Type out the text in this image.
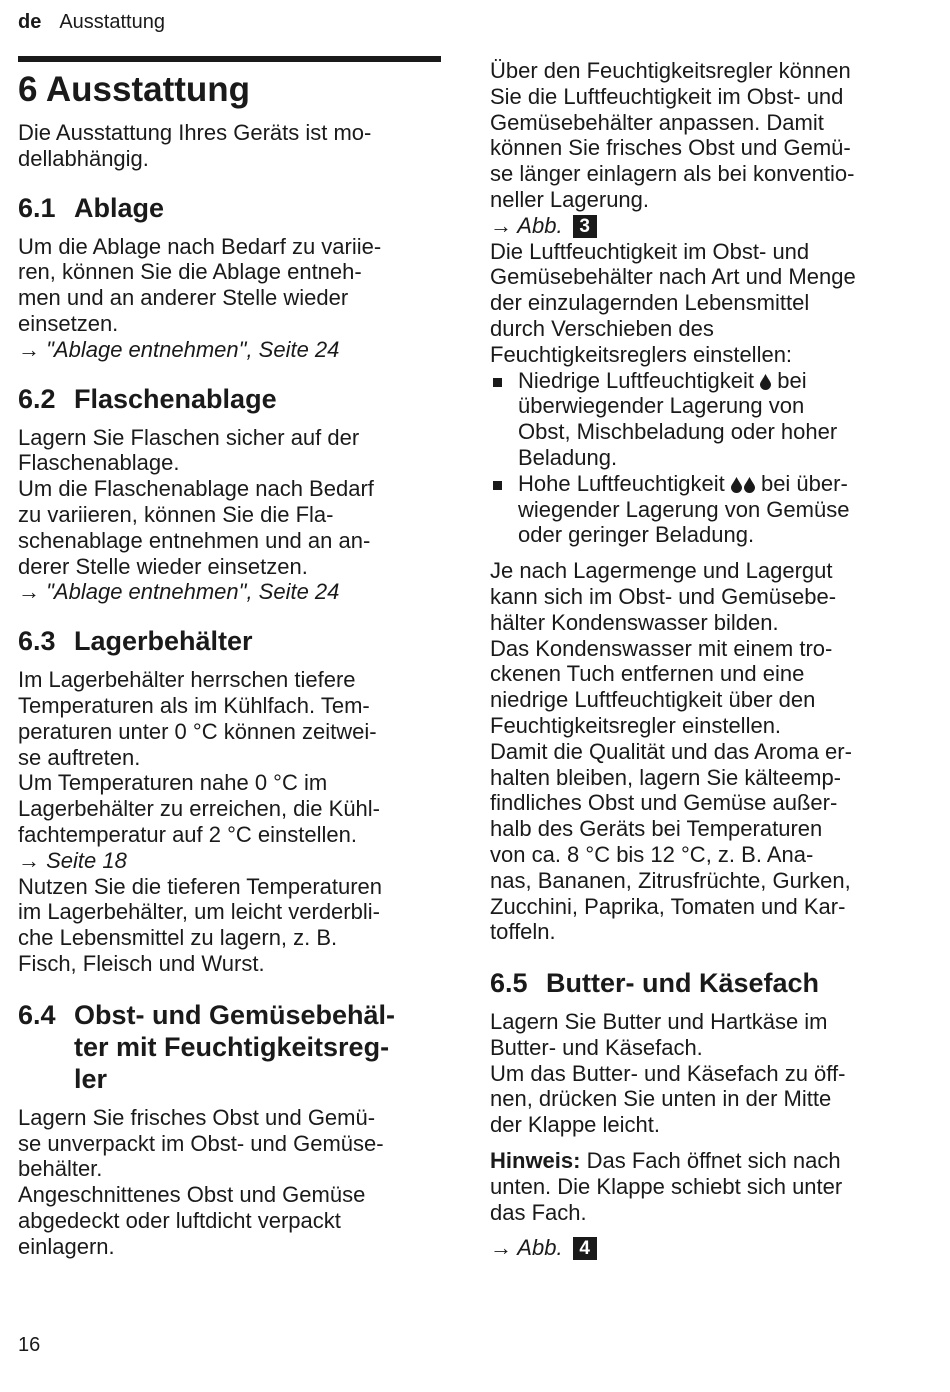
de Ausstattung
6 Ausstattung

Die Ausstattung Ihres Geräts ist mo-
dellabhängig.

6.1 Ablage

Um die Ablage nach Bedarf zu variie-
ren, können Sie die Ablage entneh-
men und an anderer Stelle wieder
einsetzen.
→ "Ablage entnehmen", Seite 24

6.2 Flaschenablage

Lagern Sie Flaschen sicher auf der
Flaschenablage.
Um die Flaschenablage nach Bedarf
zu variieren, können Sie die Fla-
schenablage entnehmen und an an-
derer Stelle wieder einsetzen.
→ "Ablage entnehmen", Seite 24

6.3 Lagerbehälter

Im Lagerbehälter herrschen tiefere
Temperaturen als im Kühlfach. Tem-
peraturen unter 0 °C können zeitwei-
se auftreten.
Um Temperaturen nahe 0 °C im
Lagerbehälter zu erreichen, die Kühl-
fachtemperatur auf 2 °C einstellen.
→ Seite 18
Nutzen Sie die tieferen Temperaturen
im Lagerbehälter, um leicht verderbli-
che Lebensmittel zu lagern, z. B.
Fisch, Fleisch und Wurst.

6.4 Obst- und Gemüsebehäl-
ter mit Feuchtigkeitsreg-
ler

Lagern Sie frisches Obst und Gemü-
se unverpackt im Obst- und Gemüse-
behälter.
Angeschnittenes Obst und Gemüse
abgedeckt oder luftdicht verpackt
einlagern.

Über den Feuchtigkeitsregler können
Sie die Luftfeuchtigkeit im Obst- und
Gemüsebehälter anpassen. Damit
können Sie frisches Obst und Gemü-
se länger einlagern als bei konventio-
neller Lagerung.
→ Abb. 3
Die Luftfeuchtigkeit im Obst- und
Gemüsebehälter nach Art und Menge
der einzulagernden Lebensmittel
durch Verschieben des
Feuchtigkeitsreglers einstellen:

Niedrige Luftfeuchtigkeit bei
überwiegender Lagerung von
Obst, Mischbeladung oder hoher
Beladung.
Hohe Luftfeuchtigkeit bei über-
wiegender Lagerung von Gemüse
oder geringer Beladung.

Je nach Lagermenge und Lagergut
kann sich im Obst- und Gemüsebe-
hälter Kondenswasser bilden.
Das Kondenswasser mit einem tro-
ckenen Tuch entfernen und eine
niedrige Luftfeuchtigkeit über den
Feuchtigkeitsregler einstellen.
Damit die Qualität und das Aroma er-
halten bleiben, lagern Sie kälteemp-
findliches Obst und Gemüse außer-
halb des Geräts bei Temperaturen
von ca. 8 °C bis 12 °C, z. B. Ana-
nas, Bananen, Zitrusfrüchte, Gurken,
Zucchini, Paprika, Tomaten und Kar-
toffeln.

6.5 Butter- und Käsefach

Lagern Sie Butter und Hartkäse im
Butter- und Käsefach.
Um das Butter- und Käsefach zu öff-
nen, drücken Sie unten in der Mitte
der Klappe leicht.

Hinweis: Das Fach öffnet sich nach
unten. Die Klappe schiebt sich unter
das Fach.

→ Abb. 4

16
